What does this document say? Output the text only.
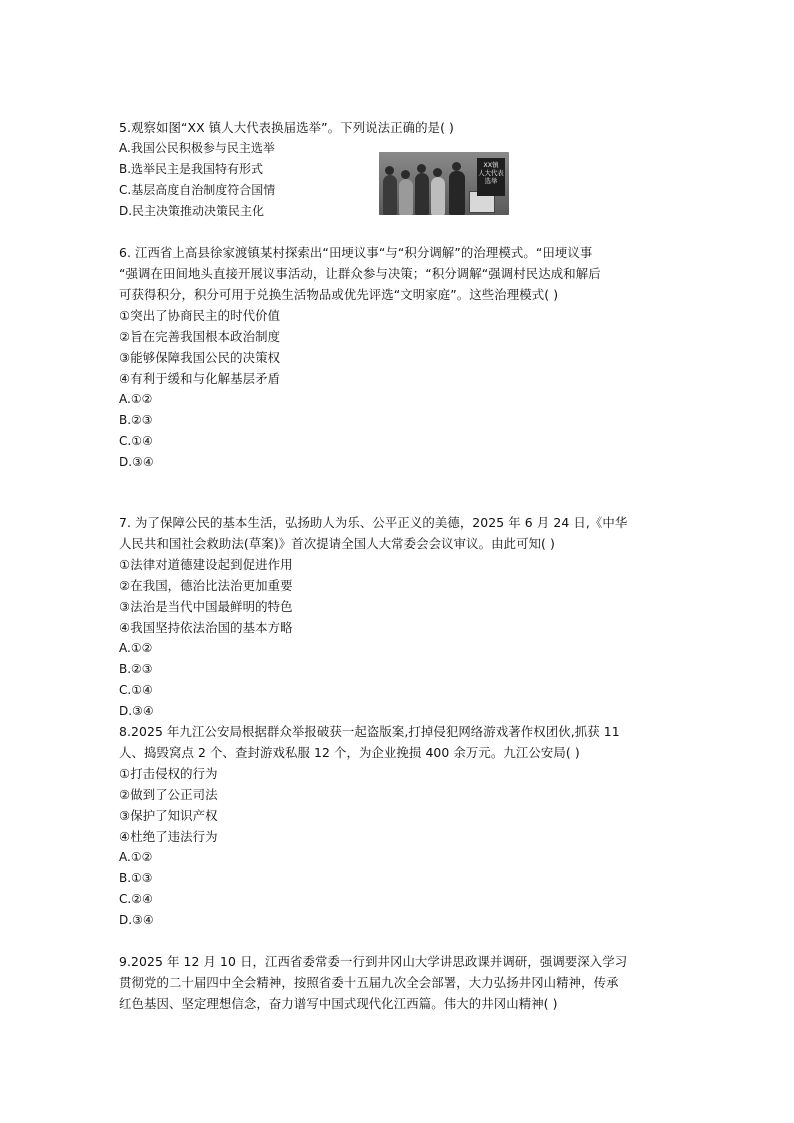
5.观察如图“XX 镇人大代表换届选举”。下列说法正确的是( )
A.我国公民积极参与民主选举
B.选举民主是我国特有形式
C.基层高度自治制度符合国情
D.民主决策推动决策民主化
XX镇
人大代表
选举
6. 江西省上高县徐家渡镇某村探索出“田埂议事“与“积分调解”的治理模式。“田埂议事
“强调在田间地头直接开展议事活动，让群众参与决策；“积分调解“强调村民达成和解后
可获得积分，积分可用于兑换生活物品或优先评选“文明家庭”。这些治理模式( )
①突出了协商民主的时代价值
②旨在完善我国根本政治制度
③能够保障我国公民的决策权
④有利于缓和与化解基层矛盾
A.①②
B.②③
C.①④
D.③④
7. 为了保障公民的基本生活，弘扬助人为乐、公平正义的美德，2025 年 6 月 24 日,《中华
人民共和国社会救助法(草案)》首次提请全国人大常委会会议审议。由此可知( )
①法律对道德建设起到促进作用
②在我国，德治比法治更加重要
③法治是当代中国最鲜明的特色
④我国坚持依法治国的基本方略
A.①②
B.②③
C.①④
D.③④
8.2025 年九江公安局根据群众举报破获一起盗版案,打掉侵犯网络游戏著作权团伙,抓获 11
人、捣毁窝点 2 个、查封游戏私服 12 个，为企业挽损 400 余万元。九江公安局( )
①打击侵权的行为
②做到了公正司法
③保护了知识产权
④杜绝了违法行为
A.①②
B.①③
C.②④
D.③④
9.2025 年 12 月 10 日，江西省委常委一行到井冈山大学讲思政课并调研，强调要深入学习
贯彻党的二十届四中全会精神，按照省委十五届九次全会部署，大力弘扬井冈山精神，传承
红色基因、坚定理想信念，奋力谱写中国式现代化江西篇。伟大的井冈山精神( )
